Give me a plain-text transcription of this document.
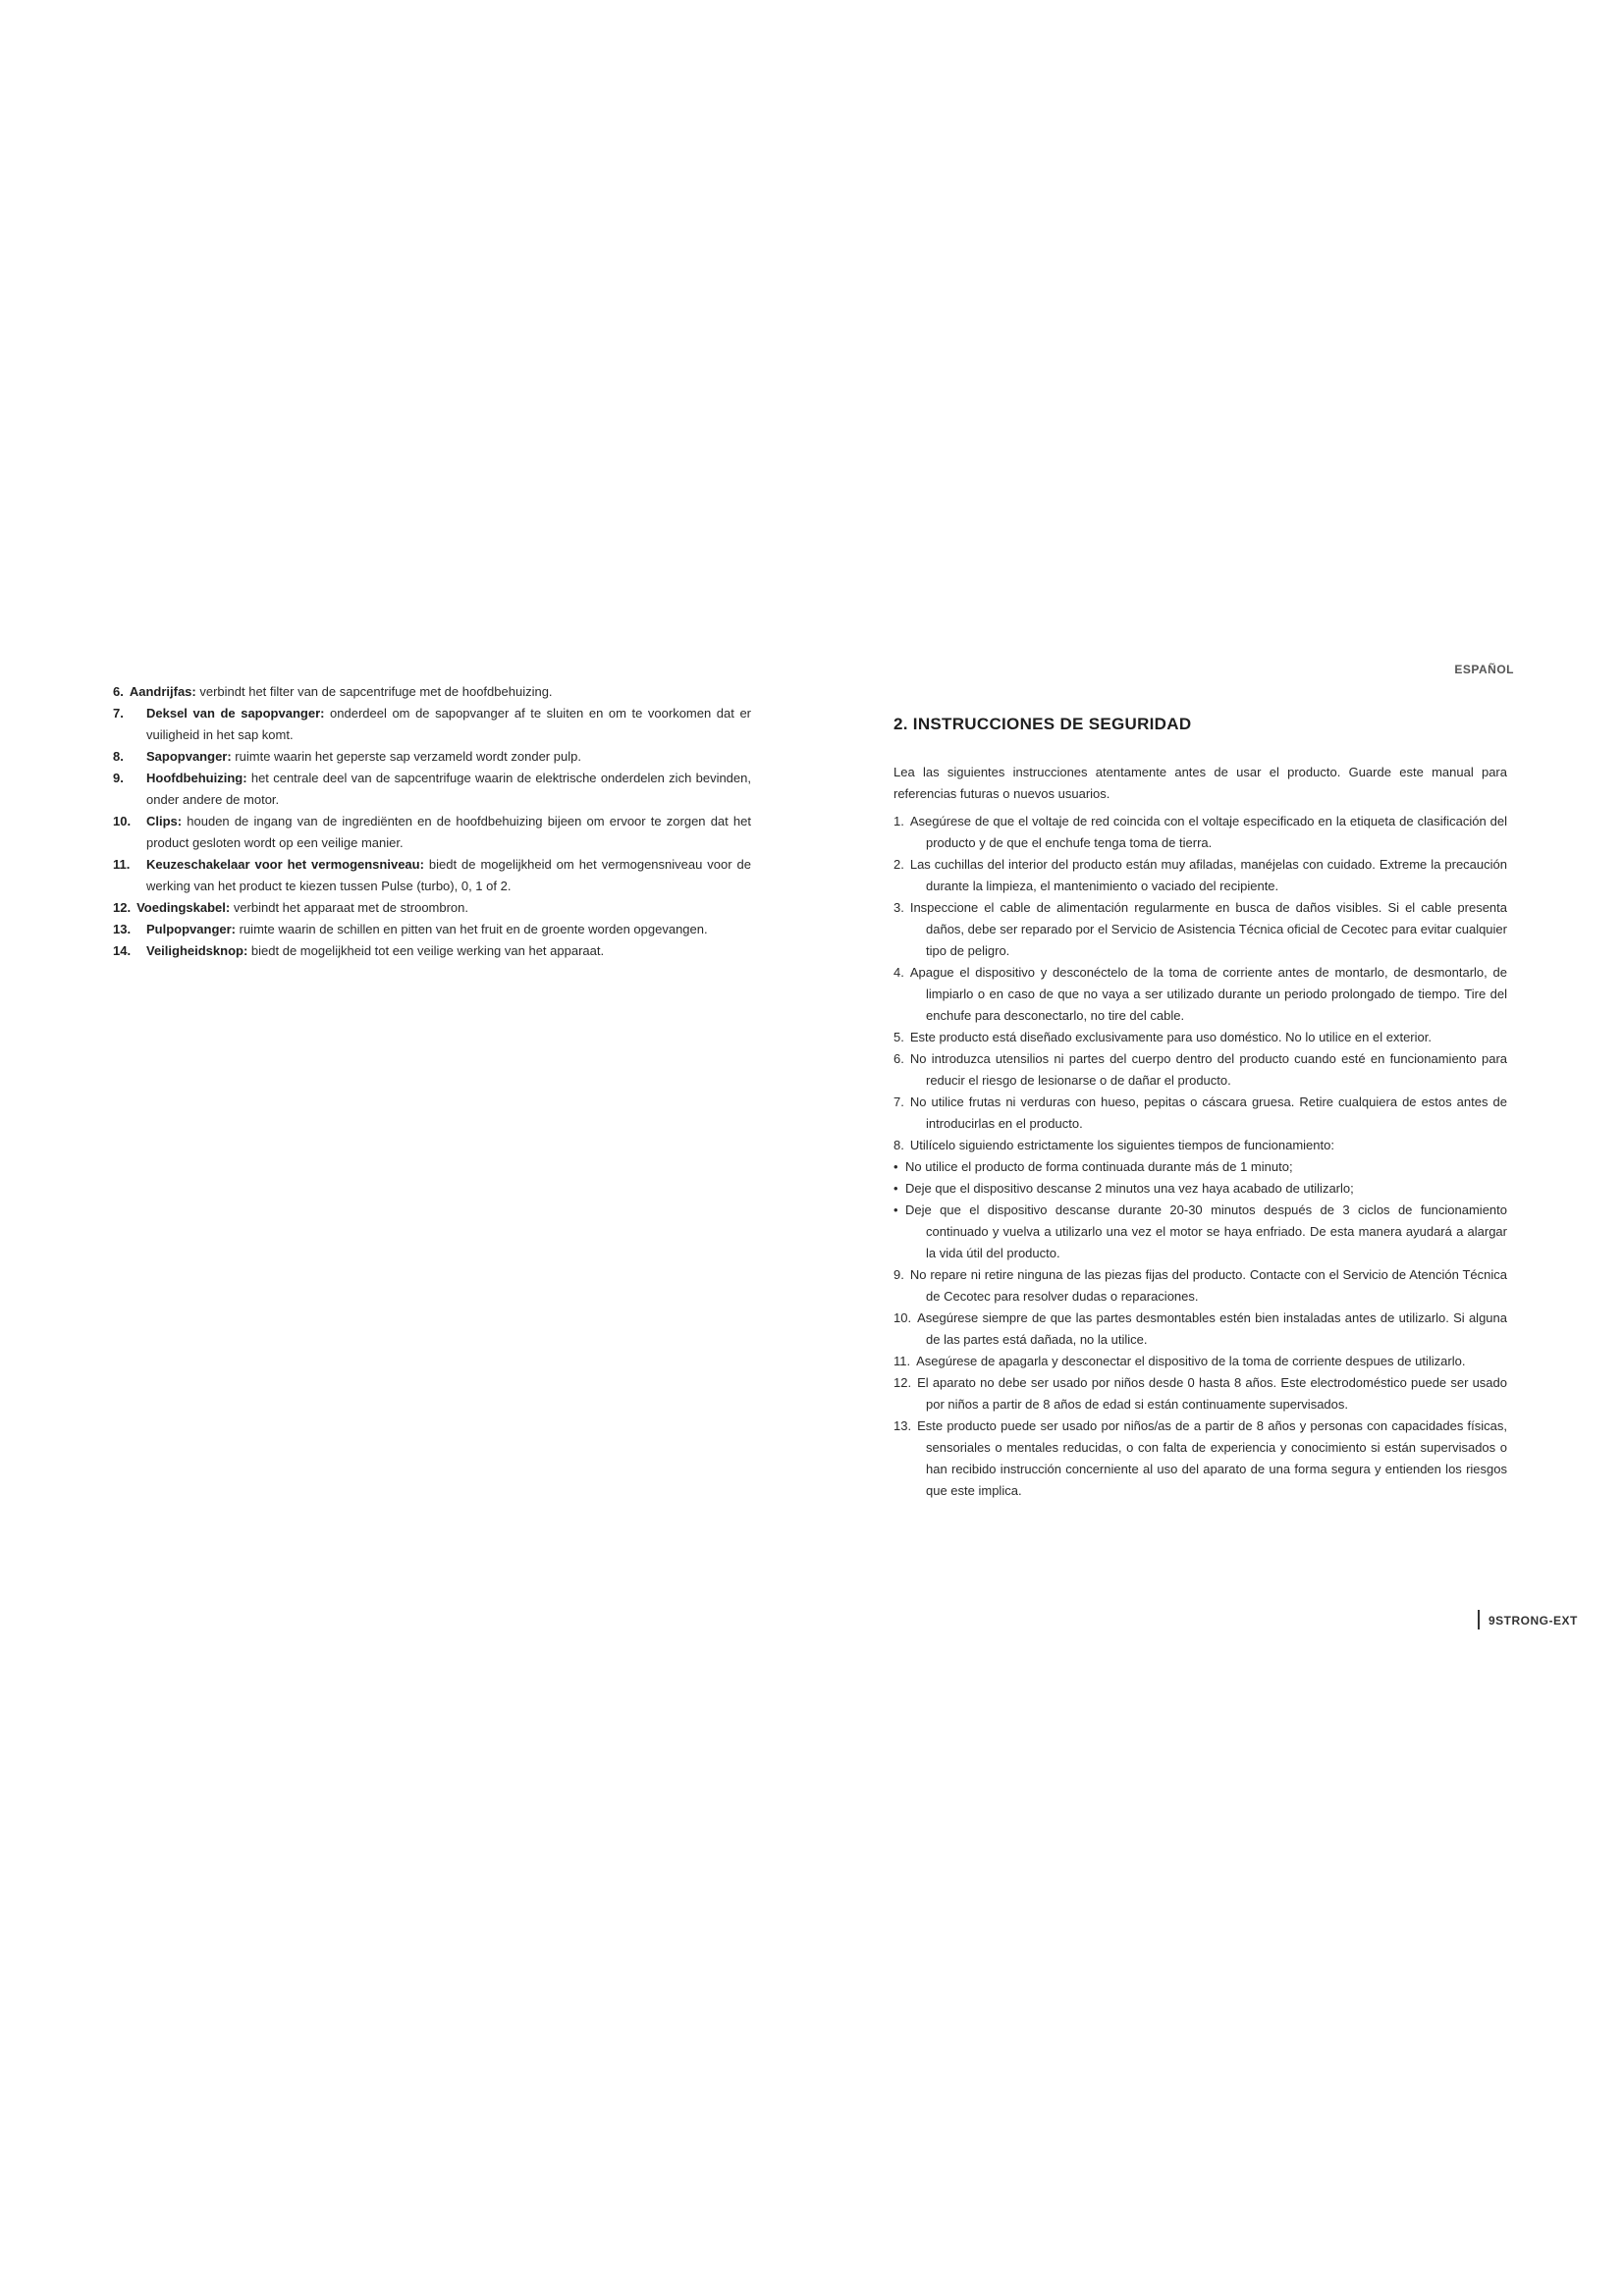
6. Aandrijfas: verbindt het filter van de sapcentrifuge met de hoofdbehuizing.
7.	Deksel van de sapopvanger: onderdeel om de sapopvanger af te sluiten en om te voorkomen dat er vuiligheid in het sap komt.
8.	Sapopvanger: ruimte waarin het geperste sap verzameld wordt zonder pulp.
9.	Hoofdbehuizing: het centrale deel van de sapcentrifuge waarin de elektrische onderdelen zich bevinden, onder andere de motor.
10.	Clips: houden de ingang van de ingrediënten en de hoofdbehuizing bijeen om ervoor te zorgen dat het product gesloten wordt op een veilige manier.
11.	Keuzeschakelaar voor het vermogensniveau: biedt de mogelijkheid om het vermogensniveau voor de werking van het product te kiezen tussen Pulse (turbo), 0, 1 of 2.
12. Voedingskabel: verbindt het apparaat met de stroombron.
13.	Pulpopvanger: ruimte waarin de schillen en pitten van het fruit en de groente worden opgevangen.
14.	Veiligheidsknop: biedt de mogelijkheid tot een veilige werking van het apparaat.
ESPAÑOL
2. INSTRUCCIONES DE SEGURIDAD

Lea las siguientes instrucciones atentamente antes de usar el producto. Guarde este manual para referencias futuras o nuevos usuarios.

1. Asegúrese de que el voltaje de red coincida con el voltaje especificado en la etiqueta de clasificación del producto y de que el enchufe tenga toma de tierra.

2. Las cuchillas del interior del producto están muy afiladas, manéjelas con cuidado. Extreme la precaución durante la limpieza, el mantenimiento o vaciado del recipiente.

3. Inspeccione el cable de alimentación regularmente en busca de daños visibles. Si el cable presenta daños, debe ser reparado por el Servicio de Asistencia Técnica oficial de Cecotec para evitar cualquier tipo de peligro.

4. Apague el dispositivo y desconéctelo de la toma de corriente antes de montarlo, de desmontarlo, de limpiarlo o en caso de que no vaya a ser utilizado durante un periodo prolongado de tiempo. Tire del enchufe para desconectarlo, no tire del cable.

5. Este producto está diseñado exclusivamente para uso doméstico. No lo utilice en el exterior.

6. No introduzca utensilios ni partes del cuerpo dentro del producto cuando esté en funcionamiento para reducir el riesgo de lesionarse o de dañar el producto.

7. No utilice frutas ni verduras con hueso, pepitas o cáscara gruesa. Retire cualquiera de estos antes de introducirlas en el producto.

8. Utilícelo siguiendo estrictamente los siguientes tiempos de funcionamiento:

• No utilice el producto de forma continuada durante más de 1 minuto;

• Deje que el dispositivo descanse 2 minutos una vez haya acabado de utilizarlo;

• Deje que el dispositivo descanse durante 20-30 minutos después de 3 ciclos de funcionamiento continuado y vuelva a utilizarlo una vez el motor se haya enfriado. De esta manera ayudará a alargar la vida útil del producto.

9. No repare ni retire ninguna de las piezas fijas del producto. Contacte con el Servicio de Atención Técnica de Cecotec para resolver dudas o reparaciones.

10. Asegúrese siempre de que las partes desmontables estén bien instaladas antes de utilizarlo. Si alguna de las partes está dañada, no la utilice.

11. Asegúrese de apagarla y desconectar el dispositivo de la toma de corriente despues de utilizarlo.

12. El aparato no debe ser usado por niños desde 0 hasta 8 años. Este electrodoméstico puede ser usado por niños a partir de 8 años de edad si están continuamente supervisados.

13. Este producto puede ser usado por niños/as de a partir de 8 años y personas con capacidades físicas, sensoriales o mentales reducidas, o con falta de experiencia y conocimiento si están supervisados o han recibido instrucción concerniente al uso del aparato de una forma segura y entienden los riesgos que este implica.

9STRONG-EXT
